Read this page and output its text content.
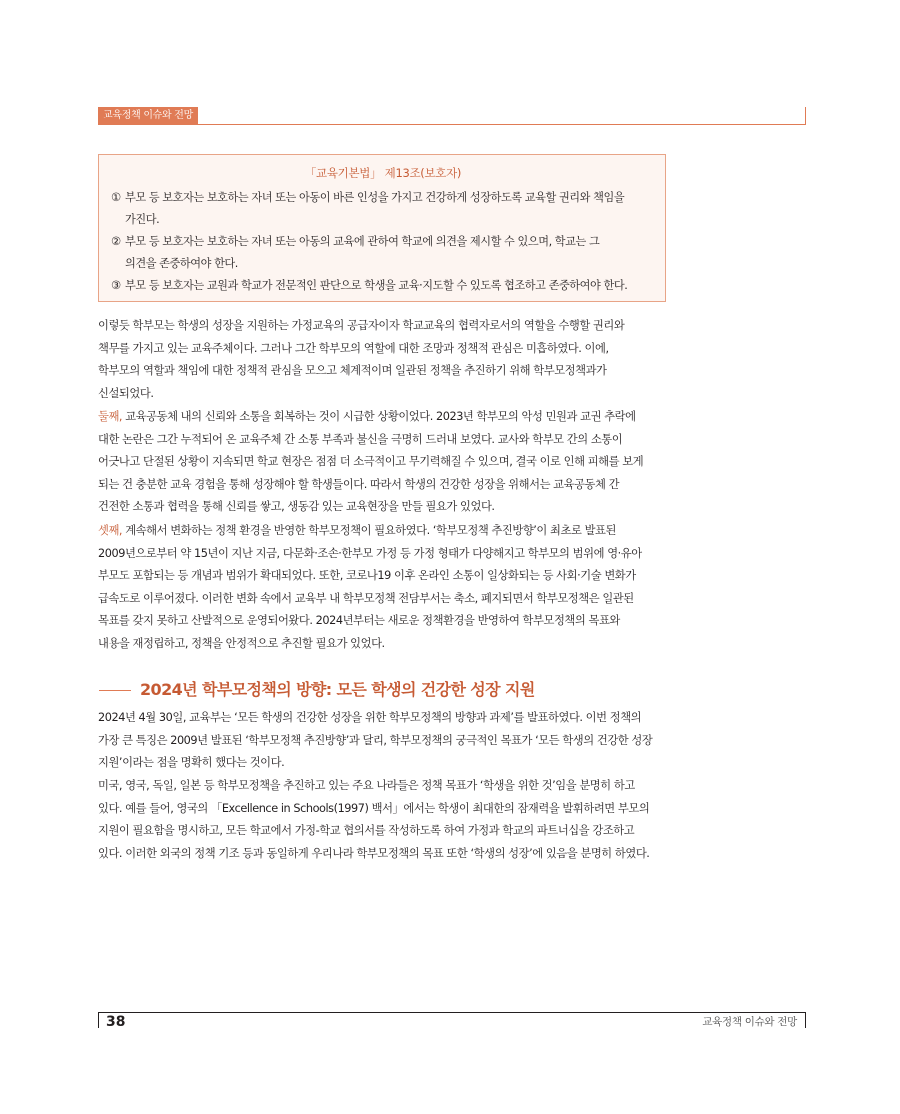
교육정책 이슈와 전망
「교육기본법」 제13조(보호자)
① 부모 등 보호자는 보호하는 자녀 또는 아동이 바른 인성을 가지고 건강하게 성장하도록 교육할 권리와 책임을
가진다.
② 부모 등 보호자는 보호하는 자녀 또는 아동의 교육에 관하여 학교에 의견을 제시할 수 있으며, 학교는 그
의견을 존중하여야 한다.
③ 부모 등 보호자는 교원과 학교가 전문적인 판단으로 학생을 교육·지도할 수 있도록 협조하고 존중하여야 한다.
이렇듯 학부모는 학생의 성장을 지원하는 가정교육의 공급자이자 학교교육의 협력자로서의 역할을 수행할 권리와
책무를 가지고 있는 교육주체이다. 그러나 그간 학부모의 역할에 대한 조망과 정책적 관심은 미흡하였다. 이에,
학부모의 역할과 책임에 대한 정책적 관심을 모으고 체계적이며 일관된 정책을 추진하기 위해 학부모정책과가
신설되었다.
둘째, 교육공동체 내의 신뢰와 소통을 회복하는 것이 시급한 상황이었다. 2023년 학부모의 악성 민원과 교권 추락에
대한 논란은 그간 누적되어 온 교육주체 간 소통 부족과 불신을 극명히 드러내 보였다. 교사와 학부모 간의 소통이
어긋나고 단절된 상황이 지속되면 학교 현장은 점점 더 소극적이고 무기력해질 수 있으며, 결국 이로 인해 피해를 보게
되는 건 충분한 교육 경험을 통해 성장해야 할 학생들이다. 따라서 학생의 건강한 성장을 위해서는 교육공동체 간
건전한 소통과 협력을 통해 신뢰를 쌓고, 생동감 있는 교육현장을 만들 필요가 있었다.
셋째, 계속해서 변화하는 정책 환경을 반영한 학부모정책이 필요하였다. ‘학부모정책 추진방향’이 최초로 발표된
2009년으로부터 약 15년이 지난 지금, 다문화·조손·한부모 가정 등 가정 형태가 다양해지고 학부모의 범위에 영·유아
부모도 포함되는 등 개념과 범위가 확대되었다. 또한, 코로나19 이후 온라인 소통이 일상화되는 등 사회·기술 변화가
급속도로 이루어졌다. 이러한 변화 속에서 교육부 내 학부모정책 전담부서는 축소, 폐지되면서 학부모정책은 일관된
목표를 갖지 못하고 산발적으로 운영되어왔다. 2024년부터는 새로운 정책환경을 반영하여 학부모정책의 목표와
내용을 재정립하고, 정책을 안정적으로 추진할 필요가 있었다.
2024년 학부모정책의 방향: 모든 학생의 건강한 성장 지원
2024년 4월 30일, 교육부는 ‘모든 학생의 건강한 성장을 위한 학부모정책의 방향과 과제’를 발표하였다. 이번 정책의
가장 큰 특징은 2009년 발표된 ‘학부모정책 추진방향’과 달리, 학부모정책의 궁극적인 목표가 ‘모든 학생의 건강한 성장
지원’이라는 점을 명확히 했다는 것이다.
미국, 영국, 독일, 일본 등 학부모정책을 추진하고 있는 주요 나라들은 정책 목표가 ‘학생을 위한 것’임을 분명히 하고
있다. 예를 들어, 영국의 「Excellence in Schools(1997) 백서」에서는 학생이 최대한의 잠재력을 발휘하려면 부모의
지원이 필요함을 명시하고, 모든 학교에서 가정-학교 협의서를 작성하도록 하여 가정과 학교의 파트너십을 강조하고
있다. 이러한 외국의 정책 기조 등과 동일하게 우리나라 학부모정책의 목표 또한 ‘학생의 성장’에 있음을 분명히 하였다.
38	교육정책 이슈와 전망
